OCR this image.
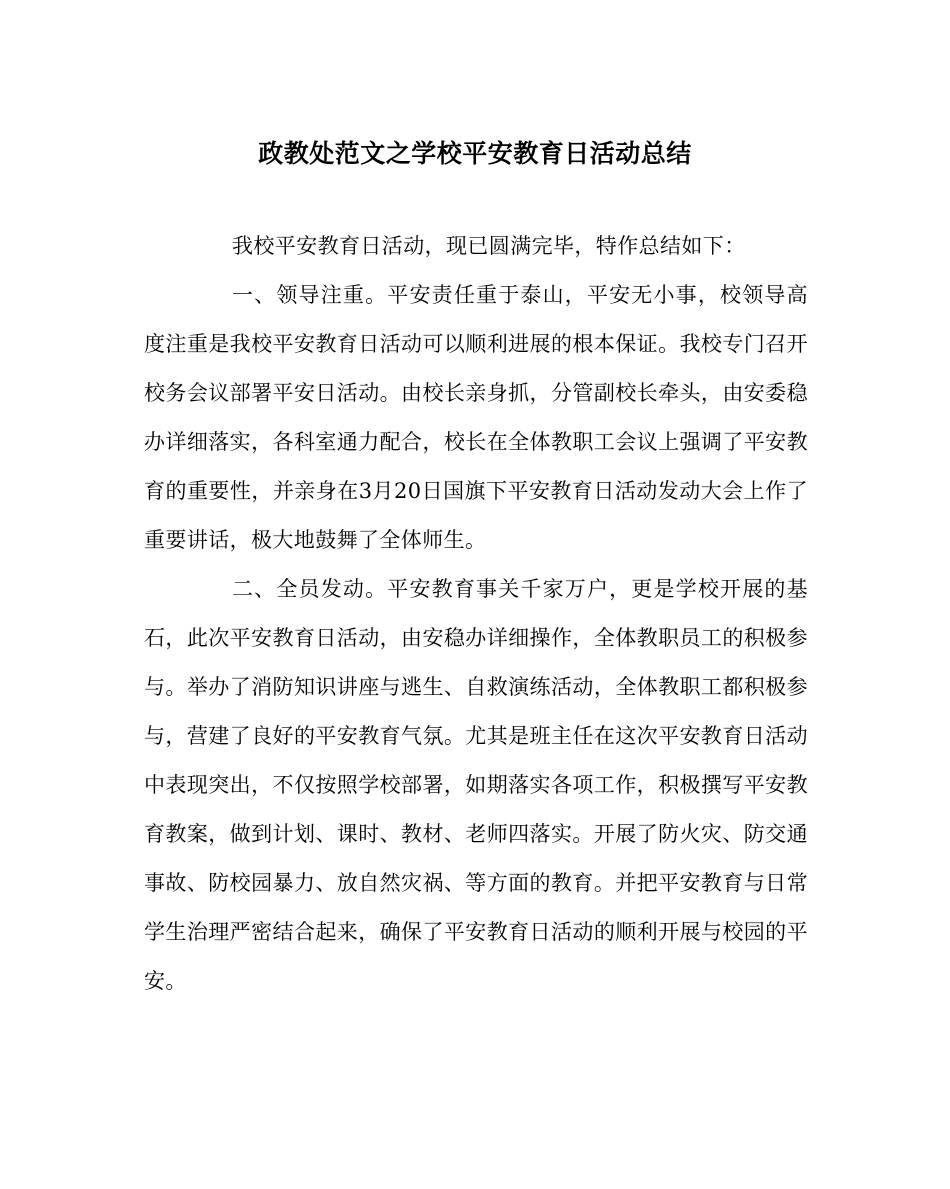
政教处范文之学校平安教育日活动总结

我校平安教育日活动，现已圆满完毕，特作总结如下：

一、领导注重。平安责任重于泰山，平安无小事，校领导高度注重是我校平安教育日活动可以顺利进展的根本保证。我校专门召开校务会议部署平安日活动。由校长亲身抓，分管副校长牵头，由安委稳办详细落实，各科室通力配合，校长在全体教职工会议上强调了平安教育的重要性，并亲身在3月20日国旗下平安教育日活动发动大会上作了重要讲话，极大地鼓舞了全体师生。

二、全员发动。平安教育事关千家万户，更是学校开展的基石，此次平安教育日活动，由安稳办详细操作，全体教职员工的积极参与。举办了消防知识讲座与逃生、自救演练活动，全体教职工都积极参与，营建了良好的平安教育气氛。尤其是班主任在这次平安教育日活动中表现突出，不仅按照学校部署，如期落实各项工作，积极撰写平安教育教案，做到计划、课时、教材、老师四落实。开展了防火灾、防交通事故、防校园暴力、放自然灾祸、等方面的教育。并把平安教育与日常学生治理严密结合起来，确保了平安教育日活动的顺利开展与校园的平安。
